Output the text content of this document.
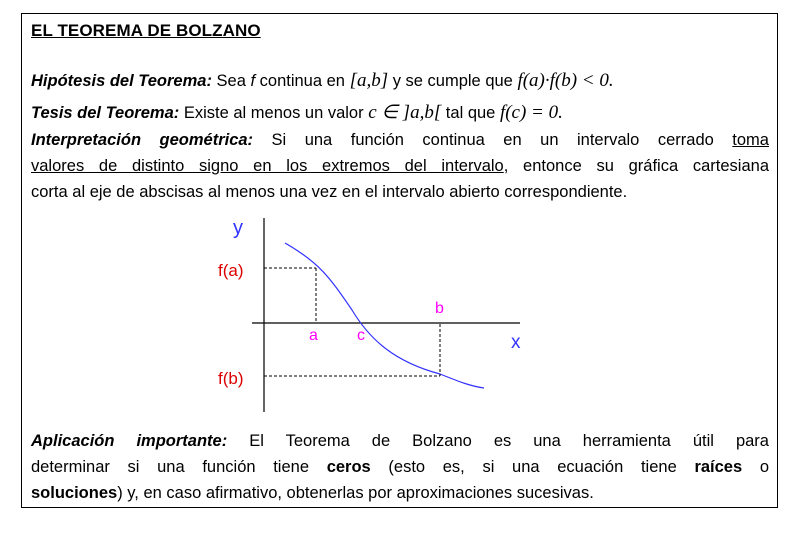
EL TEOREMA DE BOLZANO
Hipótesis del Teorema: Sea f continua en [a,b] y se cumple que f(a)·f(b) < 0.
Tesis del Teorema: Existe al menos un valor c ∈ ]a,b[ tal que f(c) = 0.
Interpretación geométrica: Si una función continua en un intervalo cerrado toma
valores de distinto signo en los extremos del intervalo, entonce su gráfica cartesiana
corta al eje de abscisas al menos una vez en el intervalo abierto correspondiente.
y
x
f(a)
f(b)
a c
b
Aplicación importante: El Teorema de Bolzano es una herramienta útil para
determinar si una función tiene ceros (esto es, si una ecuación tiene raíces o
soluciones) y, en caso afirmativo, obtenerlas por aproximaciones sucesivas.
